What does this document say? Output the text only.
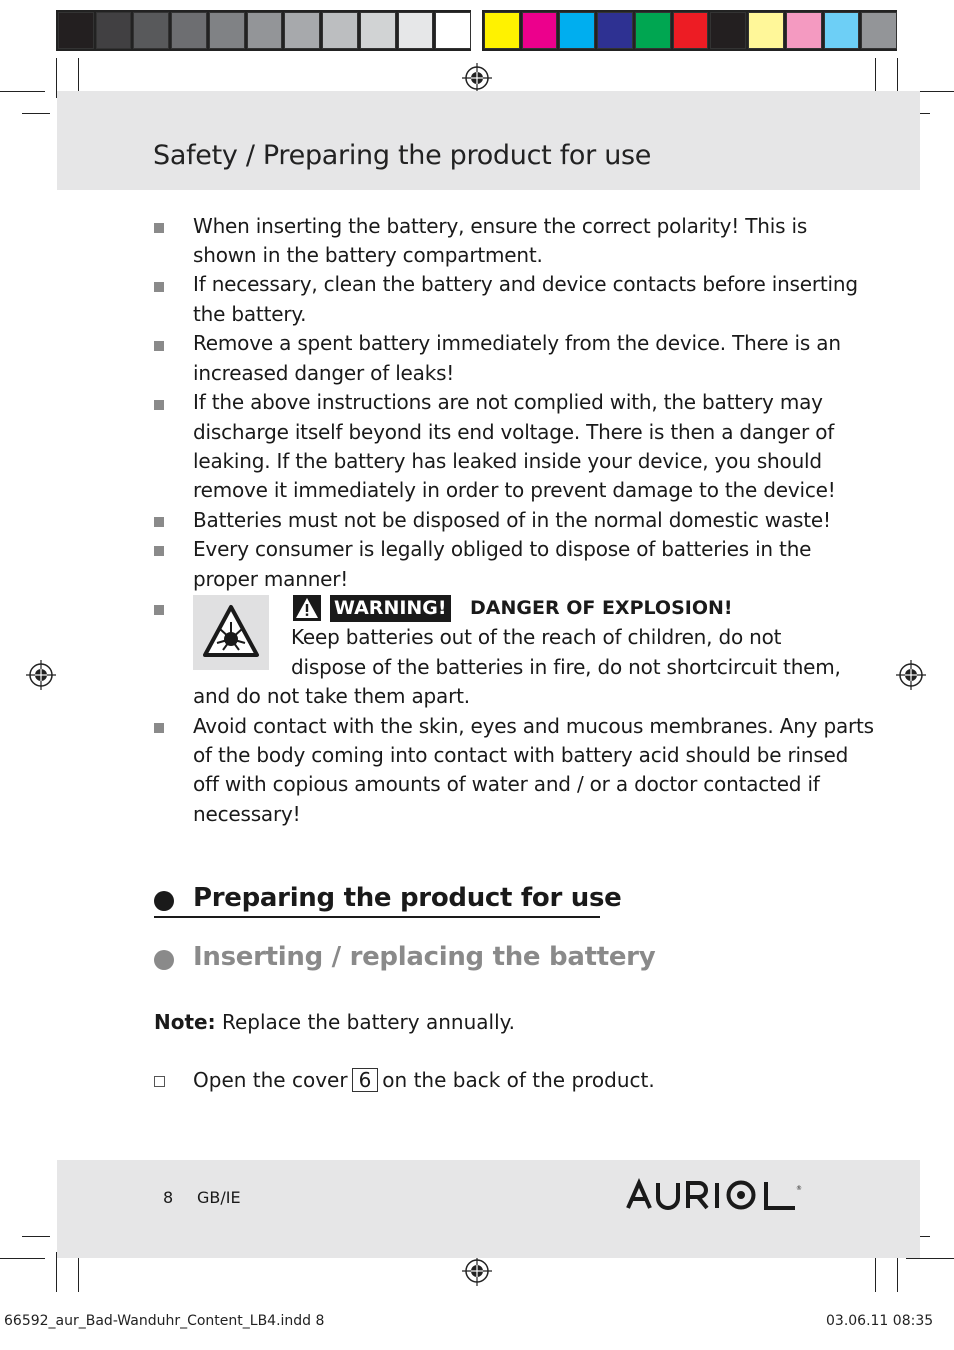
Safety / Preparing the product for use
When inserting the battery, ensure the correct polarity! This is
shown in the battery compartment.
If necessary, clean the battery and device contacts before inserting
the battery.
Remove a spent battery immediately from the device. There is an
increased danger of leaks!
If the above instructions are not complied with, the battery may
discharge itself beyond its end voltage. There is then a danger of
leaking. If the battery has leaked inside your device, you should
remove it immediately in order to prevent damage to the device!
Batteries must not be disposed of in the normal domestic waste!
Every consumer is legally obliged to dispose of batteries in the
proper manner!
WARNING! DANGER OF EXPLOSION!
Keep batteries out of the reach of children, do not
dispose of the batteries in fire, do not shortcircuit them,
and do not take them apart.
Avoid contact with the skin, eyes and mucous membranes. Any parts
of the body coming into contact with battery acid should be rinsed
off with copious amounts of water and / or a doctor contacted if
necessary!
Preparing the product for use
Inserting / replacing the battery
Note: Replace the battery annually.
Open the cover 6 on the back of the product.
8 GB/IE	®
66592_aur_Bad-Wanduhr_Content_LB4.indd 8	03.06.11 08:35
